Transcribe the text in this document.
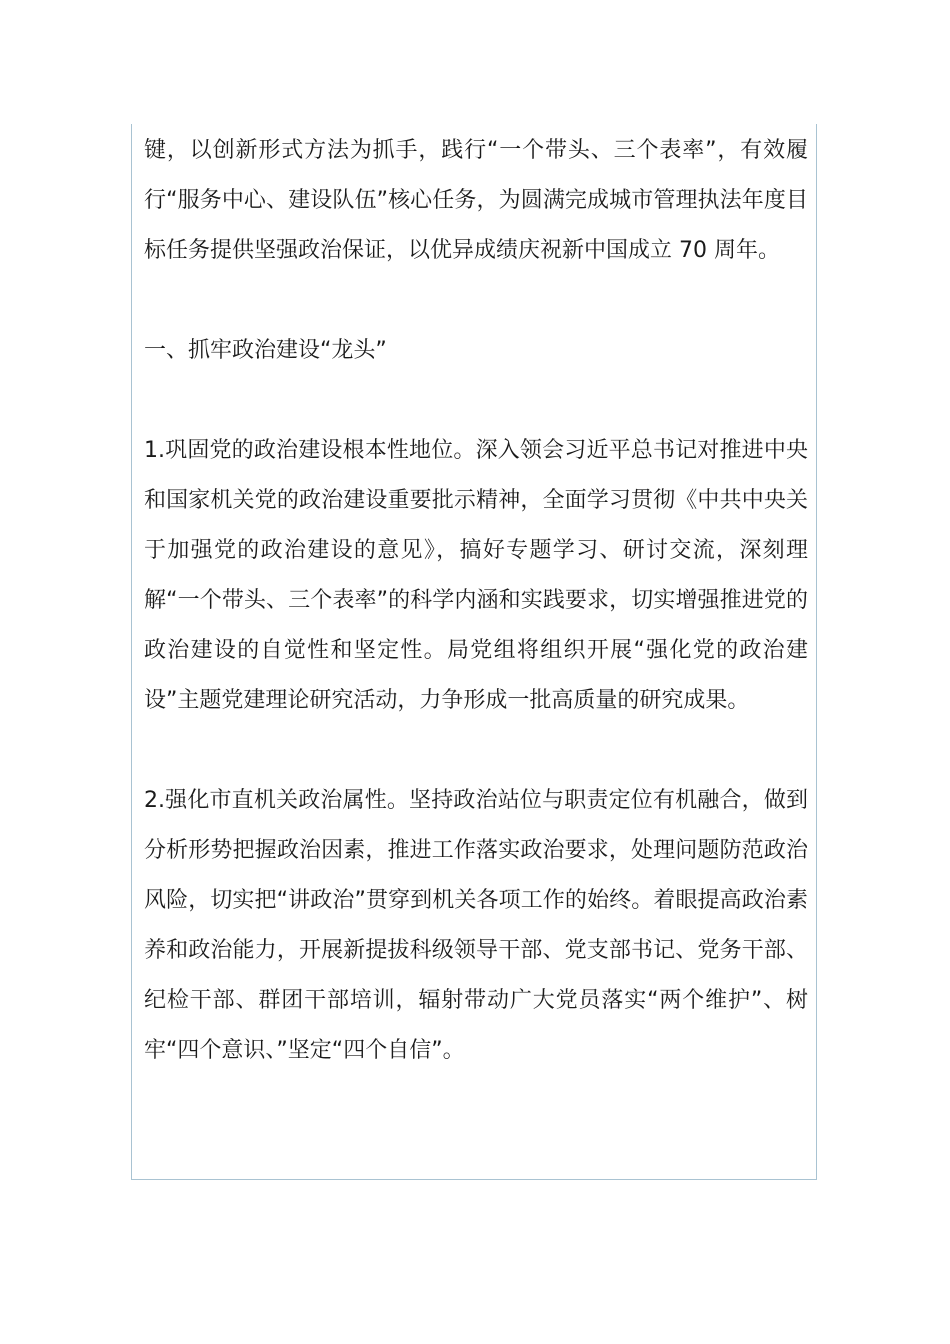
键，以创新形式方法为抓手，践行“一个带头、三个表率”，有效履行“服务中心、建设队伍”核心任务，为圆满完成城市管理执法年度目标任务提供坚强政治保证，以优异成绩庆祝新中国成立 70 周年。

一、抓牢政治建设“龙头”

1.巩固党的政治建设根本性地位。深入领会习近平总书记对推进中央和国家机关党的政治建设重要批示精神，全面学习贯彻《中共中央关于加强党的政治建设的意见》，搞好专题学习、研讨交流，深刻理解“一个带头、三个表率”的科学内涵和实践要求，切实增强推进党的政治建设的自觉性和坚定性。局党组将组织开展“强化党的政治建设”主题党建理论研究活动，力争形成一批高质量的研究成果。

2.强化市直机关政治属性。坚持政治站位与职责定位有机融合，做到分析形势把握政治因素，推进工作落实政治要求，处理问题防范政治风险，切实把“讲政治”贯穿到机关各项工作的始终。着眼提高政治素养和政治能力，开展新提拔科级领导干部、党支部书记、党务干部、纪检干部、群团干部培训，辐射带动广大党员落实“两个维护”、树牢“四个意识、”坚定“四个自信”。
